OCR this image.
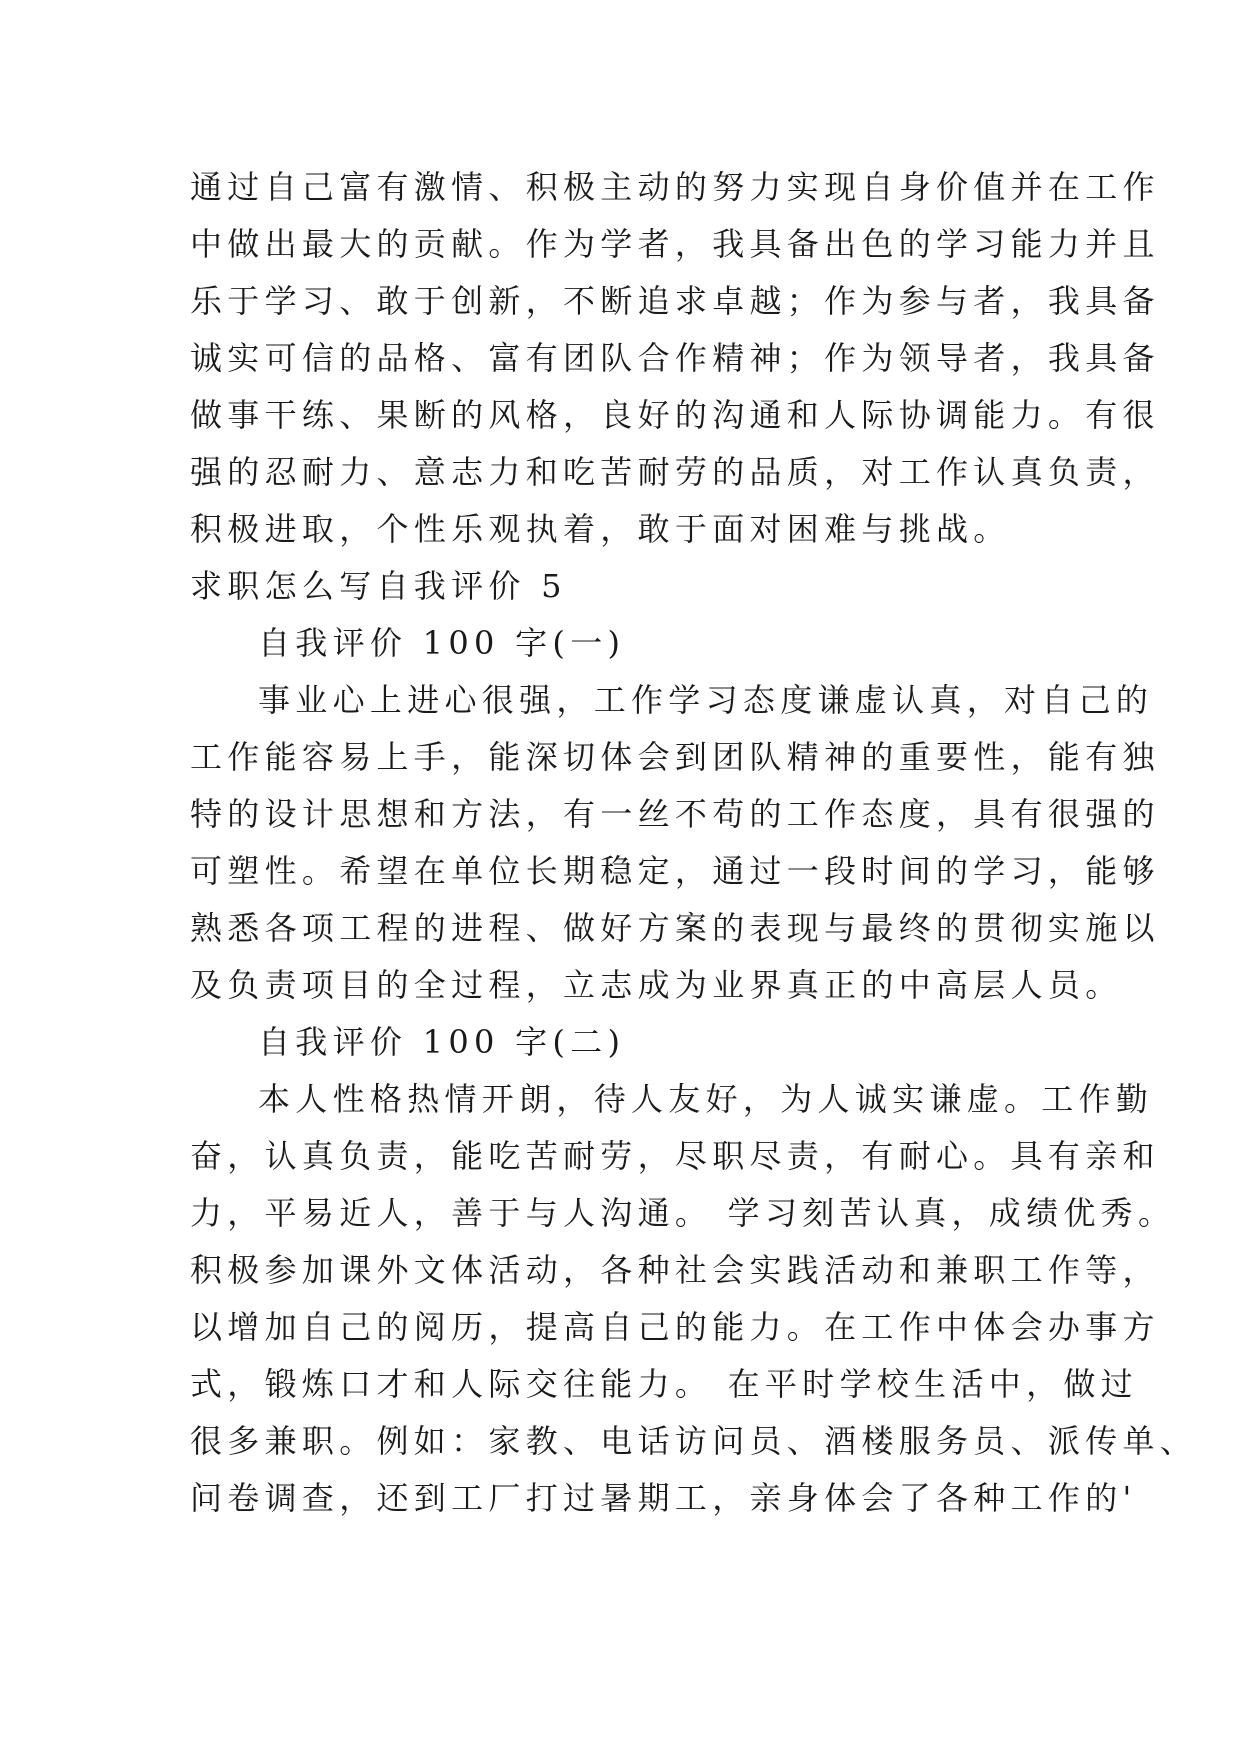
通过自己富有激情、积极主动的努力实现自身价值并在工作
中做出最大的贡献。作为学者，我具备出色的学习能力并且
乐于学习、敢于创新，不断追求卓越；作为参与者，我具备
诚实可信的品格、富有团队合作精神；作为领导者，我具备
做事干练、果断的风格，良好的沟通和人际协调能力。有很
强的忍耐力、意志力和吃苦耐劳的品质，对工作认真负责，
积极进取，个性乐观执着，敢于面对困难与挑战。
求职怎么写自我评价 5
自我评价 100 字(一)
事业心上进心很强，工作学习态度谦虚认真，对自己的
工作能容易上手，能深切体会到团队精神的重要性，能有独
特的设计思想和方法，有一丝不苟的工作态度，具有很强的
可塑性。希望在单位长期稳定，通过一段时间的学习，能够
熟悉各项工程的进程、做好方案的表现与最终的贯彻实施以
及负责项目的全过程，立志成为业界真正的中高层人员。
自我评价 100 字(二)
本人性格热情开朗，待人友好，为人诚实谦虚。工作勤
奋，认真负责，能吃苦耐劳，尽职尽责，有耐心。具有亲和
力，平易近人，善于与人沟通。 学习刻苦认真，成绩优秀。
积极参加课外文体活动，各种社会实践活动和兼职工作等，
以增加自己的阅历，提高自己的能力。在工作中体会办事方
式，锻炼口才和人际交往能力。 在平时学校生活中，做过
很多兼职。例如：家教、电话访问员、酒楼服务员、派传单、
问卷调查，还到工厂打过暑期工，亲身体会了各种工作的'
